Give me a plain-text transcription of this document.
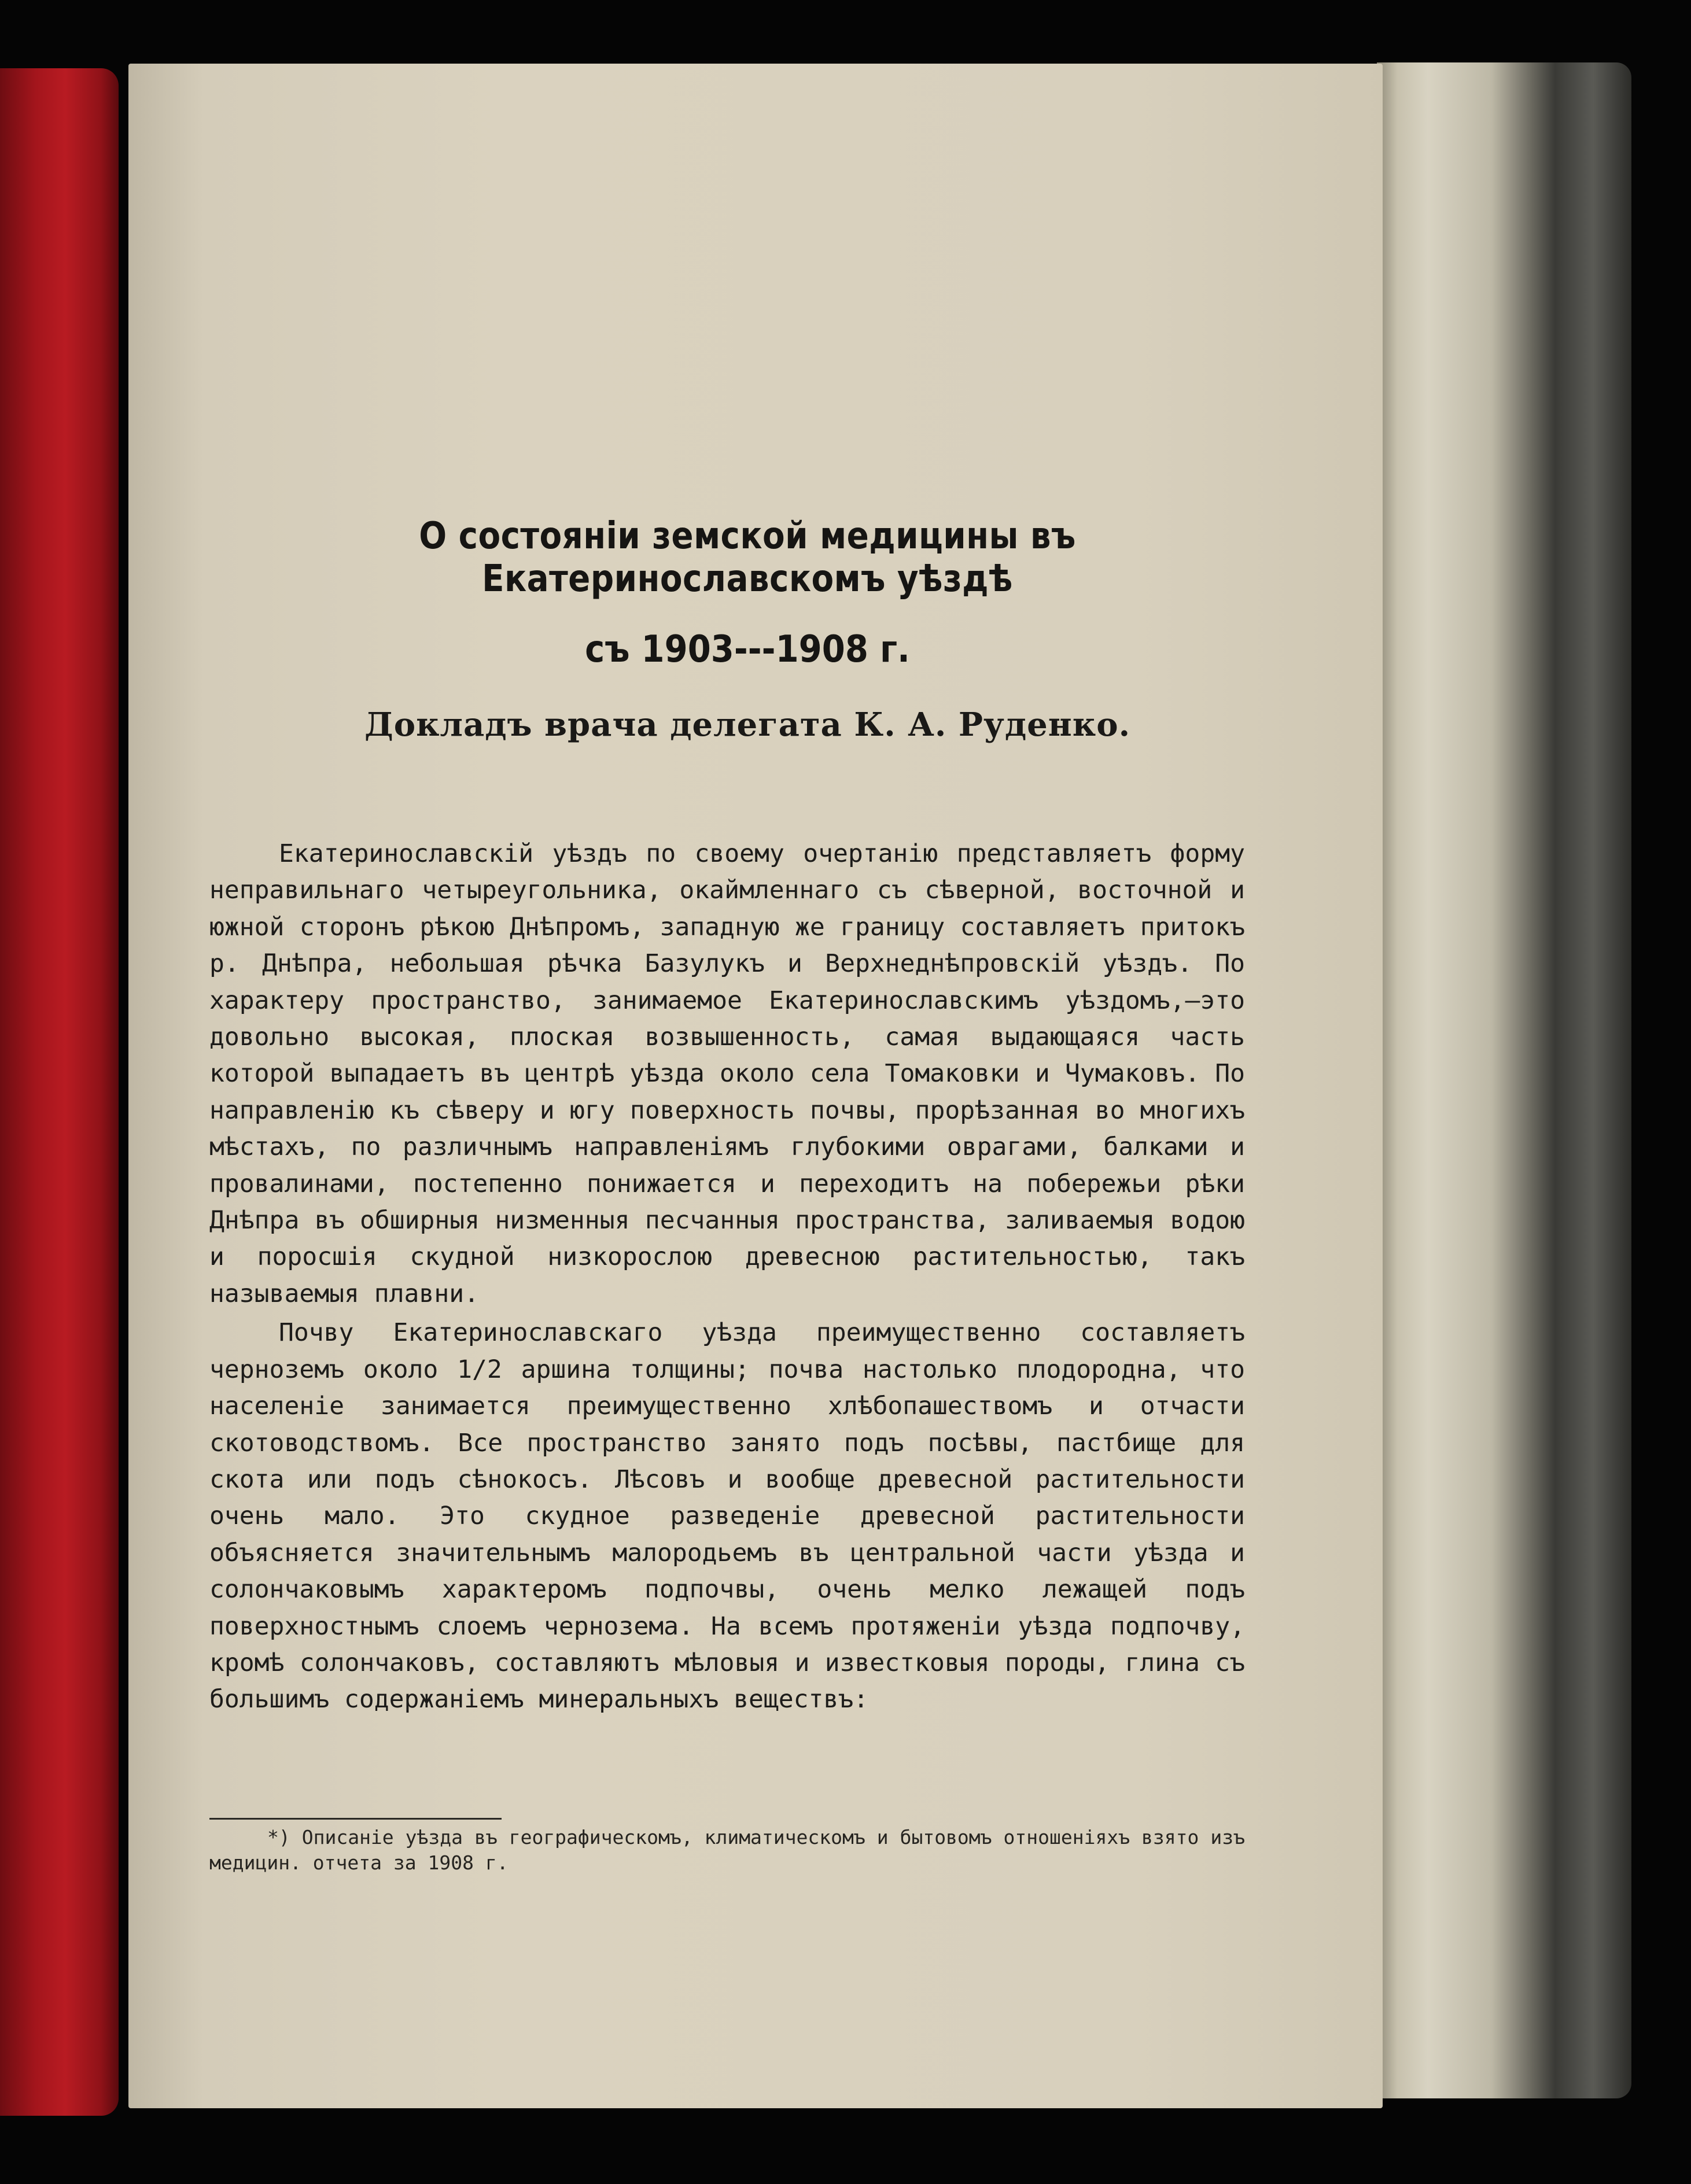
О состоянiи земской медицины въ Екатеринославскомъ уѣздѣ
съ 1903---1908 г.
Докладъ врача делегата К. А. Руденко.

Екатеринославскiй уѣздъ по своему очертанiю представляетъ форму неправильнаго четыреугольника, окаймленнаго съ сѣверной, восточной и южной сторонъ рѣкою Днѣпромъ, западную же границу составляетъ притокъ р. Днѣпра, небольшая рѣчка Базулукъ и Верхнеднѣпровскiй уѣздъ. По характеру пространство, занимаемое Екатеринославскимъ уѣздомъ,—это довольно высокая, плоская возвышенность, самая выдающаяся часть которой выпадаетъ въ центрѣ уѣзда около села Томаковки и Чумаковъ. По направленiю къ сѣверу и югу поверхность почвы, прорѣзанная во многихъ мѣстахъ, по различнымъ направленiямъ глубокими оврагами, балками и провалинами, постепенно понижается и переходитъ на побережьи рѣки Днѣпра въ обширныя низменныя песчанныя пространства, заливаемыя водою и поросшiя скудной низкорослою древесною растительностью, такъ называемыя плавни.

Почву Екатеринославскаго уѣзда преимущественно составляетъ черноземъ около 1/2 аршина толщины; почва настолько плодородна, что населенiе занимается преимущественно хлѣбопашествомъ и отчасти скотоводствомъ. Все пространство занято подъ посѣвы, пастбище для скота или подъ сѣнокосъ. Лѣсовъ и вообще древесной растительности очень мало. Это скудное разведенiе древесной растительности объясняется значительнымъ малородьемъ въ центральной части уѣзда и солончаковымъ характеромъ подпочвы, очень мелко лежащей подъ поверхностнымъ слоемъ чернозема. На всемъ протяженiи уѣзда подпочву, кромѣ солончаковъ, составляютъ мѣловыя и известковыя породы, глина съ большимъ содержанiемъ минеральныхъ веществъ:

*) Описанiе уѣзда въ географическомъ, климатическомъ и бытовомъ отношенiяхъ взято изъ медицин. отчета за 1908 г.
